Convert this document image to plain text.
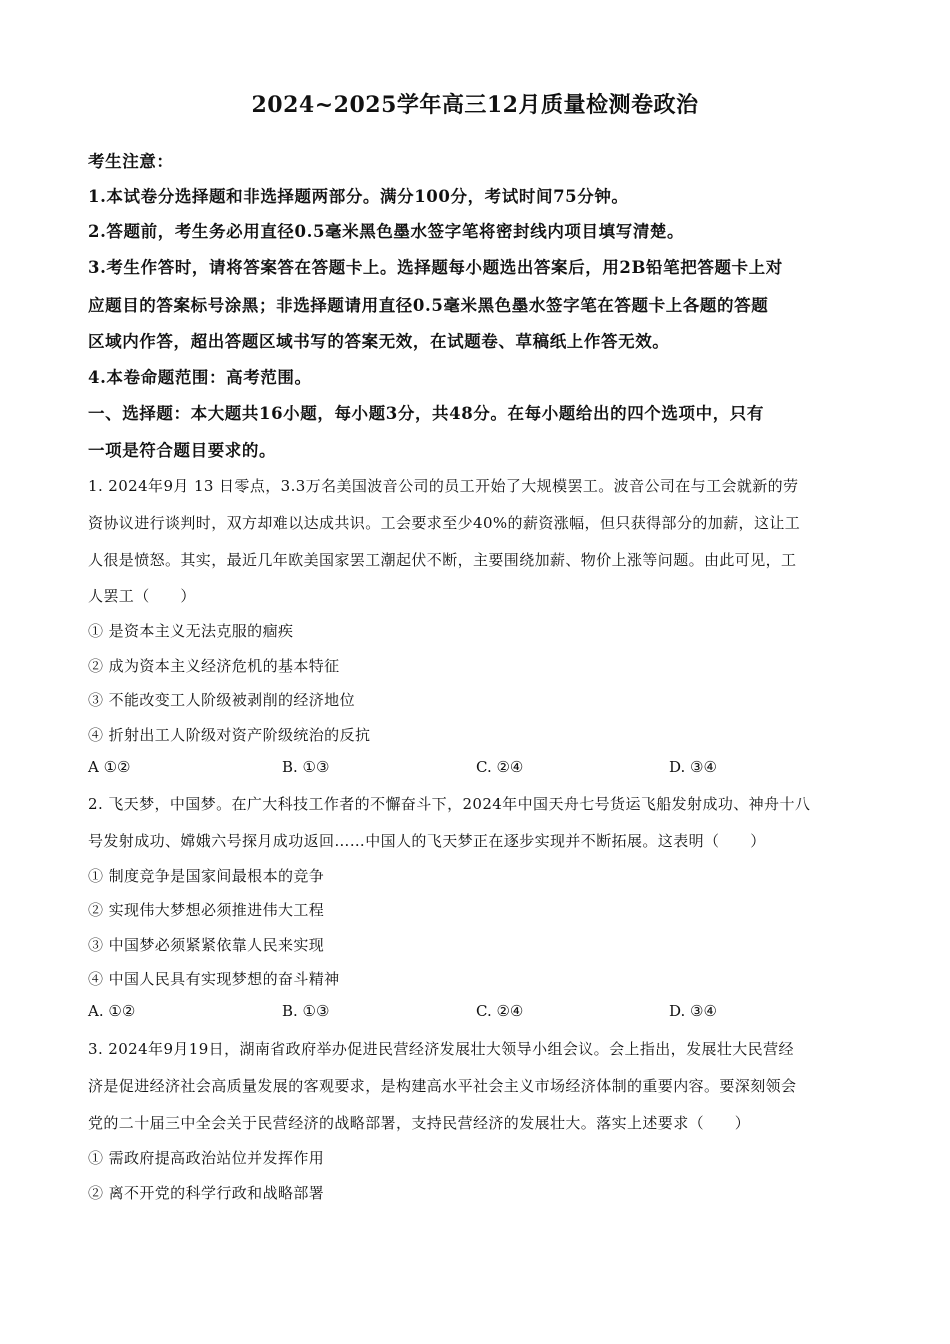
2024~2025学年高三12月质量检测卷政治
考生注意：
1.本试卷分选择题和非选择题两部分。满分100分，考试时间75分钟。
2.答题前，考生务必用直径0.5毫米黑色墨水签字笔将密封线内项目填写清楚。
3.考生作答时，请将答案答在答题卡上。选择题每小题选出答案后，用2B铅笔把答题卡上对
应题目的答案标号涂黑；非选择题请用直径0.5毫米黑色墨水签字笔在答题卡上各题的答题
区域内作答，超出答题区域书写的答案无效，在试题卷、草稿纸上作答无效。
4.本卷命题范围：高考范围。
一、选择题：本大题共16小题，每小题3分，共48分。在每小题给出的四个选项中，只有
一项是符合题目要求的。
1. 2024年9月 13 日零点，3.3万名美国波音公司的员工开始了大规模罢工。波音公司在与工会就新的劳
资协议进行谈判时，双方却难以达成共识。工会要求至少40%的薪资涨幅，但只获得部分的加薪，这让工
人很是愤怒。其实，最近几年欧美国家罢工潮起伏不断，主要围绕加薪、物价上涨等问题。由此可见，工
人罢工（　　）
① 是资本主义无法克服的痼疾
② 成为资本主义经济危机的基本特征
③ 不能改变工人阶级被剥削的经济地位
④ 折射出工人阶级对资产阶级统治的反抗
A ①②	B. ①③	C. ②④	D. ③④
2. 飞天梦，中国梦。在广大科技工作者的不懈奋斗下，2024年中国天舟七号货运飞船发射成功、神舟十八
号发射成功、嫦娥六号探月成功返回……中国人的飞天梦正在逐步实现并不断拓展。这表明（　　）
① 制度竞争是国家间最根本的竞争
② 实现伟大梦想必须推进伟大工程
③ 中国梦必须紧紧依靠人民来实现
④ 中国人民具有实现梦想的奋斗精神
A. ①②	B. ①③	C. ②④	D. ③④
3. 2024年9月19日，湖南省政府举办促进民营经济发展壮大领导小组会议。会上指出，发展壮大民营经
济是促进经济社会高质量发展的客观要求，是构建高水平社会主义市场经济体制的重要内容。要深刻领会
党的二十届三中全会关于民营经济的战略部署，支持民营经济的发展壮大。落实上述要求（　　）
① 需政府提高政治站位并发挥作用
② 离不开党的科学行政和战略部署
